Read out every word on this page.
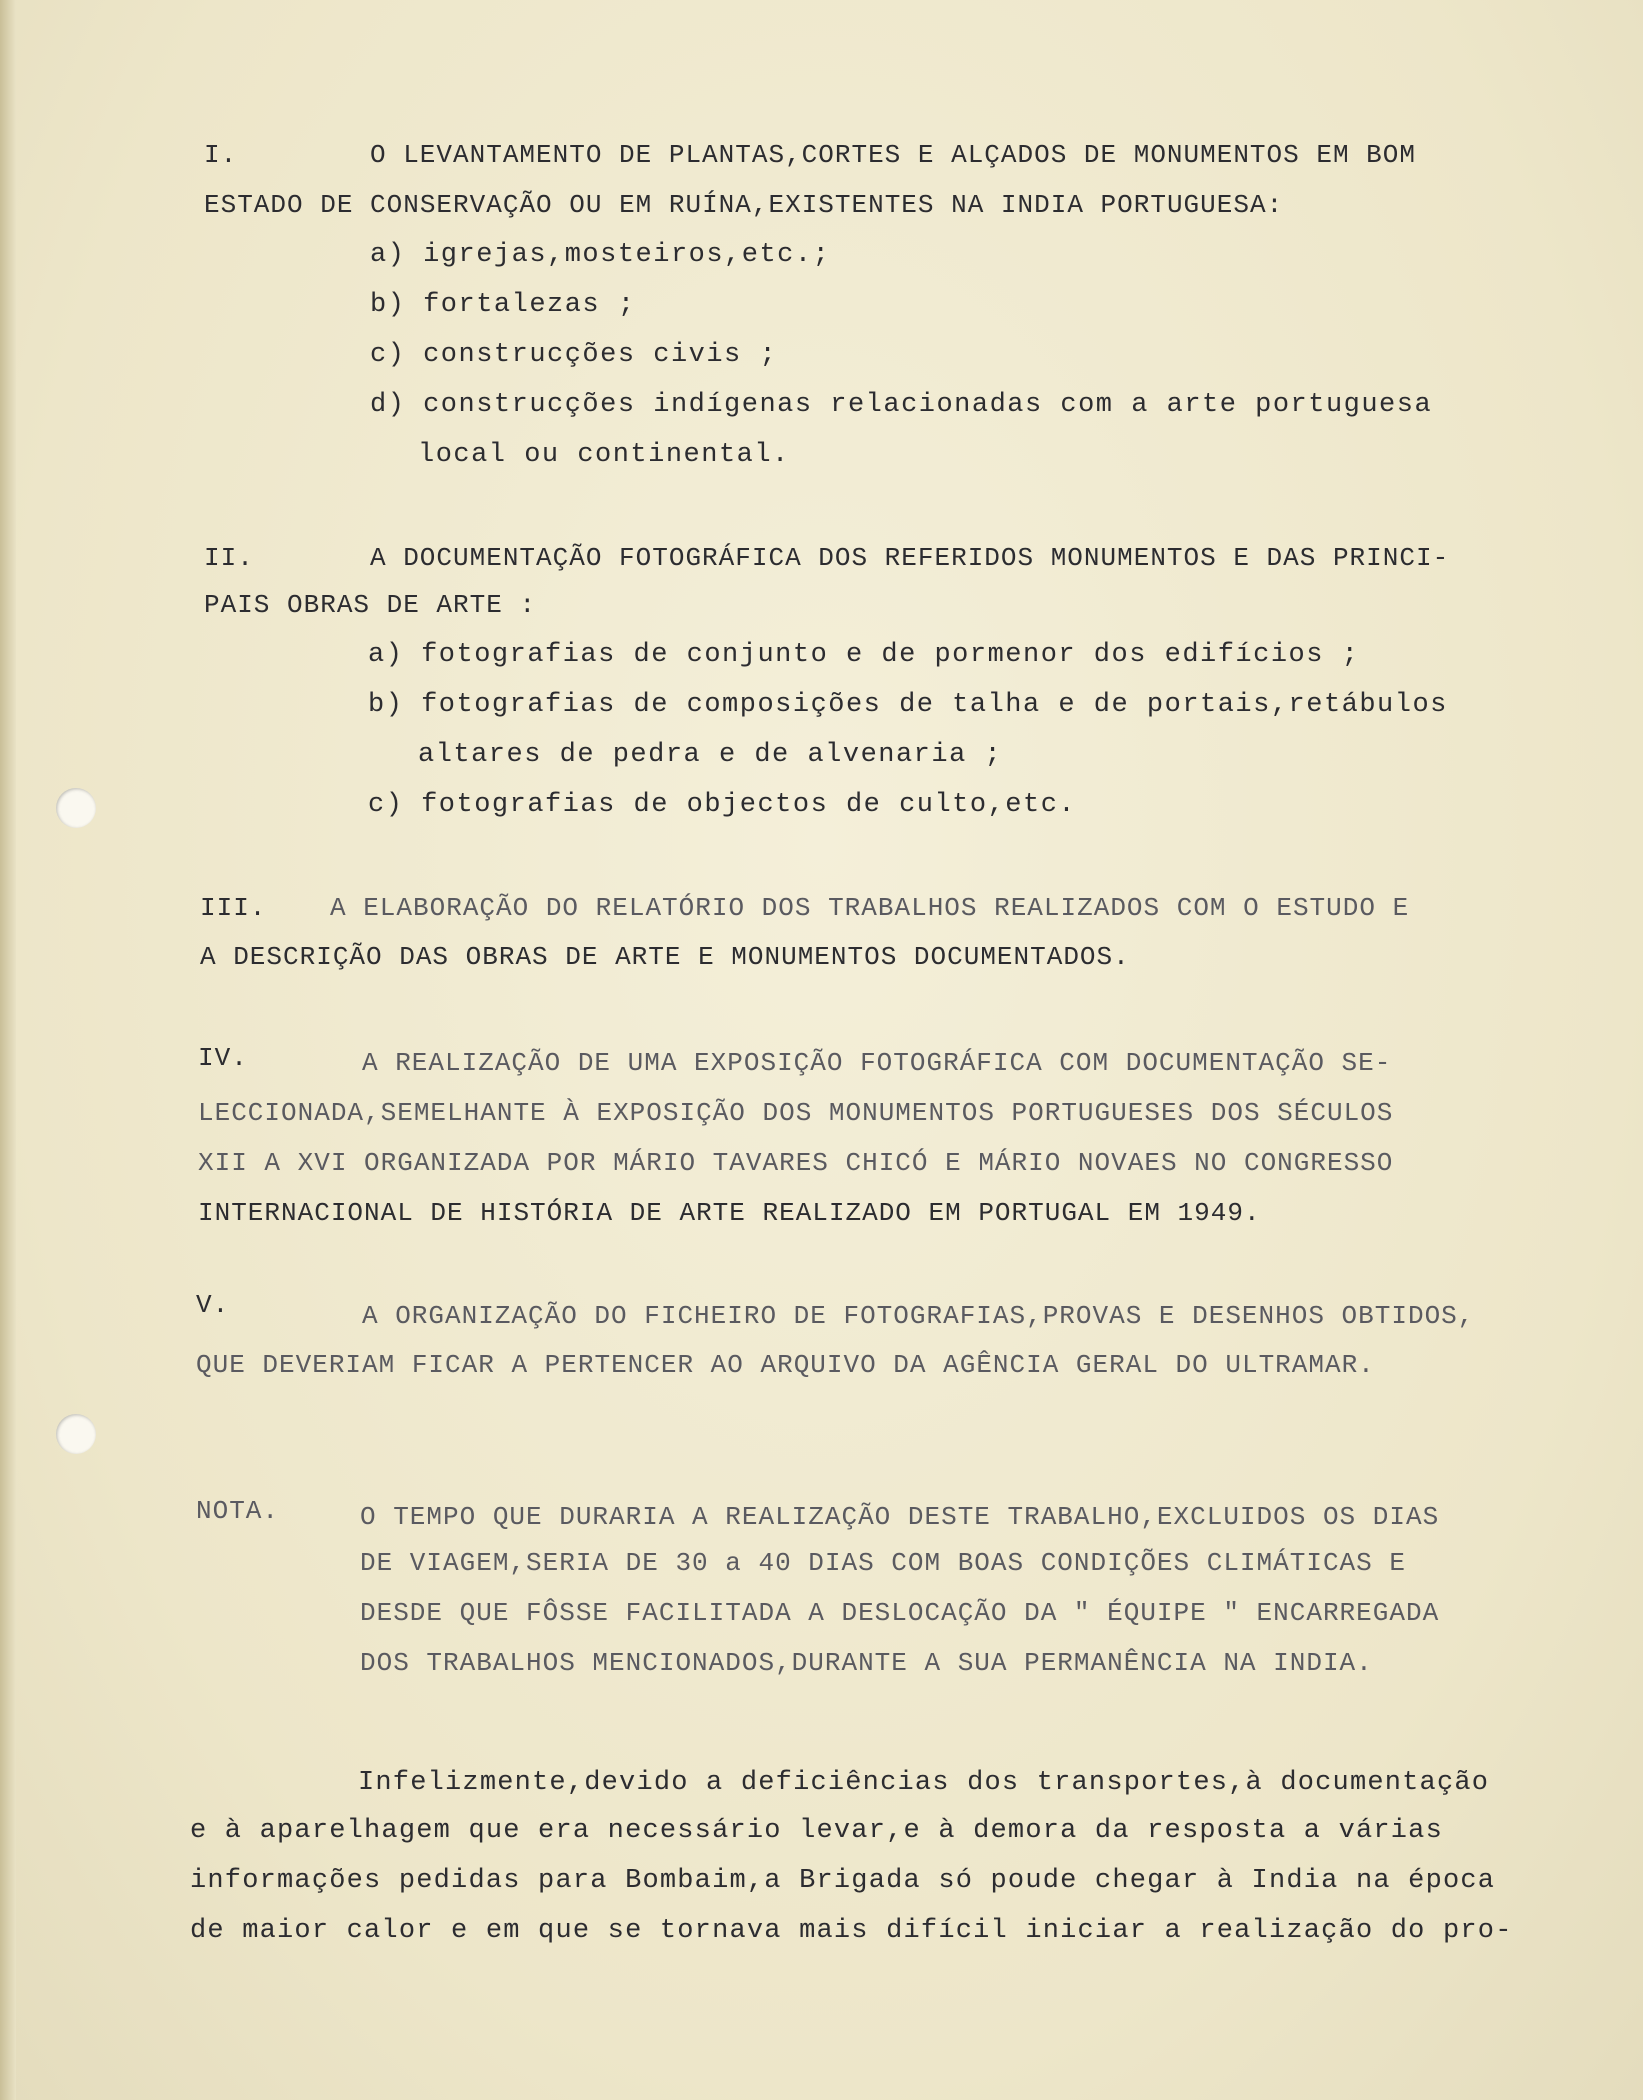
I.	O LEVANTAMENTO DE PLANTAS,CORTES E ALÇADOS DE MONUMENTOS EM BOM
ESTADO DE CONSERVAÇÃO OU EM RUÍNA,EXISTENTES NA INDIA PORTUGUESA:
a) igrejas,mosteiros,etc.;
b) fortalezas ;
c) construcções civis ;
d) construcções indígenas relacionadas com a arte portuguesa
local ou continental.
II.	A DOCUMENTAÇÃO FOTOGRÁFICA DOS REFERIDOS MONUMENTOS E DAS PRINCI-
PAIS OBRAS DE ARTE :
a) fotografias de conjunto e de pormenor dos edifícios ;
b) fotografias de composições de talha e de portais,retábulos
altares de pedra e de alvenaria ;
c) fotografias de objectos de culto,etc.
III. A ELABORAÇÃO DO RELATÓRIO DOS TRABALHOS REALIZADOS COM O ESTUDO E
A DESCRIÇÃO DAS OBRAS DE ARTE E MONUMENTOS DOCUMENTADOS.
IV.	A REALIZAÇÃO DE UMA EXPOSIÇÃO FOTOGRÁFICA COM DOCUMENTAÇÃO SE-
LECCIONADA,SEMELHANTE À EXPOSIÇÃO DOS MONUMENTOS PORTUGUESES DOS SÉCULOS
XII A XVI ORGANIZADA POR MÁRIO TAVARES CHICÓ E MÁRIO NOVAES NO CONGRESSO
INTERNACIONAL DE HISTÓRIA DE ARTE REALIZADO EM PORTUGAL EM 1949.
V.	A ORGANIZAÇÃO DO FICHEIRO DE FOTOGRAFIAS,PROVAS E DESENHOS OBTIDOS,
QUE DEVERIAM FICAR A PERTENCER AO ARQUIVO DA AGÊNCIA GERAL DO ULTRAMAR.
NOTA.	O TEMPO QUE DURARIA A REALIZAÇÃO DESTE TRABALHO,EXCLUIDOS OS DIAS
DE VIAGEM,SERIA DE 30 a 40 DIAS COM BOAS CONDIÇÕES CLIMÁTICAS E
DESDE QUE FÔSSE FACILITADA A DESLOCAÇÃO DA " ÉQUIPE " ENCARREGADA
DOS TRABALHOS MENCIONADOS,DURANTE A SUA PERMANÊNCIA NA INDIA.
Infelizmente,devido a deficiências dos transportes,à documentação
e à aparelhagem que era necessário levar,e à demora da resposta a várias
informações pedidas para Bombaim,a Brigada só poude chegar à India na época
de maior calor e em que se tornava mais difícil iniciar a realização do pro-
